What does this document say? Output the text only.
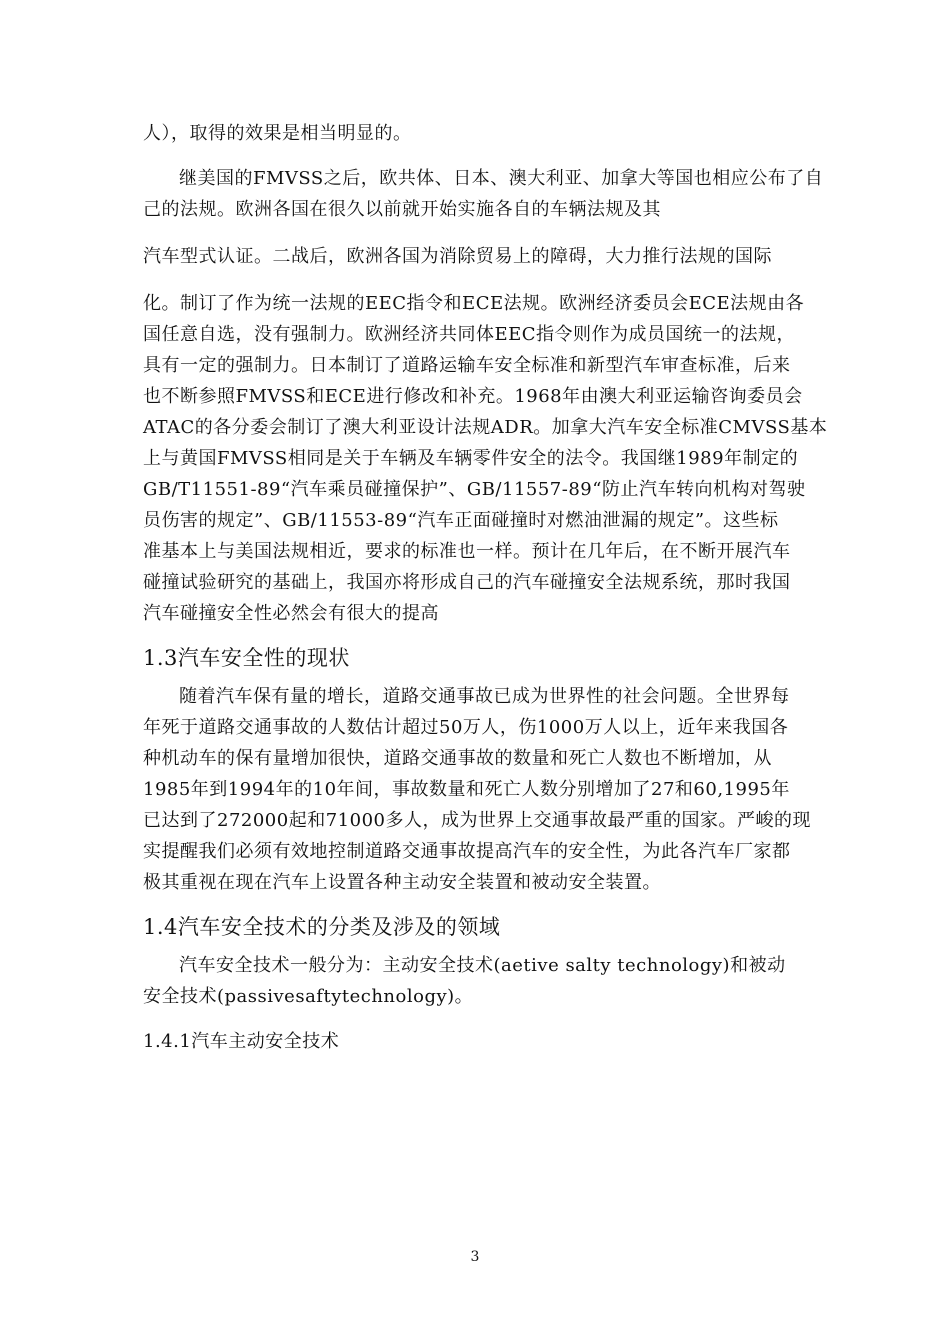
人），取得的效果是相当明显的。
继美国的FMVSS之后，欧共体、日本、澳大利亚、加拿大等国也相应公布了自
己的法规。欧洲各国在很久以前就开始实施各自的车辆法规及其
汽车型式认证。二战后，欧洲各国为消除贸易上的障碍，大力推行法规的国际
化。制订了作为统一法规的EEC指令和ECE法规。欧洲经济委员会ECE法规由各
国任意自选，没有强制力。欧洲经济共同体EEC指令则作为成员国统一的法规，
具有一定的强制力。日本制订了道路运输车安全标准和新型汽车审查标准，后来
也不断参照FMVSS和ECE进行修改和补充。1968年由澳大利亚运输咨询委员会
ATAC的各分委会制订了澳大利亚设计法规ADR。加拿大汽车安全标准CMVSS基本
上与黄国FMVSS相同是关于车辆及车辆零件安全的法令。我国继1989年制定的
GB/T11551-89“汽车乘员碰撞保护”、GB/11557-89“防止汽车转向机构对驾驶
员伤害的规定”、GB/11553-89“汽车正面碰撞时对燃油泄漏的规定”。这些标
准基本上与美国法规相近，要求的标准也一样。预计在几年后，在不断开展汽车
碰撞试验研究的基础上，我国亦将形成自己的汽车碰撞安全法规系统，那时我国
汽车碰撞安全性必然会有很大的提高
1.3汽车安全性的现状
随着汽车保有量的增长，道路交通事故已成为世界性的社会问题。全世界每
年死于道路交通事故的人数估计超过50万人，伤1000万人以上，近年来我国各
种机动车的保有量增加很快，道路交通事故的数量和死亡人数也不断增加，从
1985年到1994年的10年间，事故数量和死亡人数分别增加了27和60,1995年
已达到了272000起和71000多人，成为世界上交通事故最严重的国家。严峻的现
实提醒我们必须有效地控制道路交通事故提高汽车的安全性，为此各汽车厂家都
极其重视在现在汽车上设置各种主动安全装置和被动安全装置。
1.4汽车安全技术的分类及涉及的领域
汽车安全技术一般分为：主动安全技术(aetive salty technology)和被动
安全技术(passivesaftytechnology)。
1.4.1汽车主动安全技术
3
